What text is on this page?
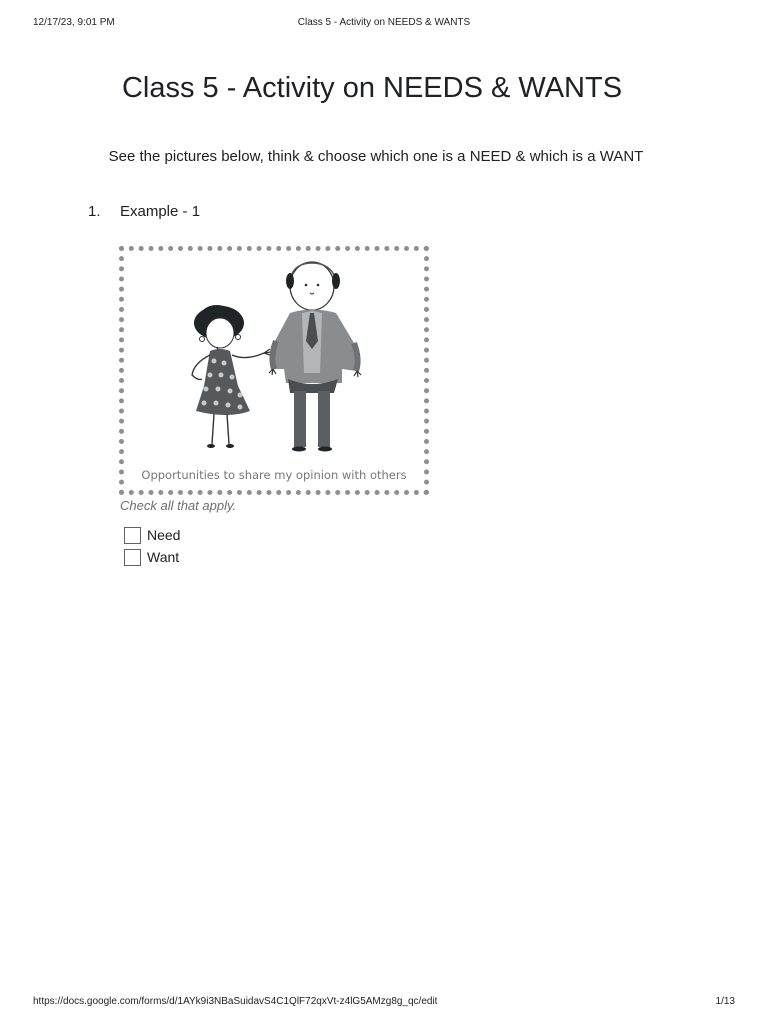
12/17/23, 9:01 PM	Class 5 - Activity on NEEDS & WANTS
Class 5 - Activity on NEEDS & WANTS

See the pictures below, think & choose which one is a NEED & which is a WANT

1. Example - 1
Opportunities to share my opinion with others
Check all that apply.
Need
Want
https://docs.google.com/forms/d/1AYk9i3NBaSuidavS4C1QlF72qxVt-z4lG5AMzg8g_qc/edit	1/13
